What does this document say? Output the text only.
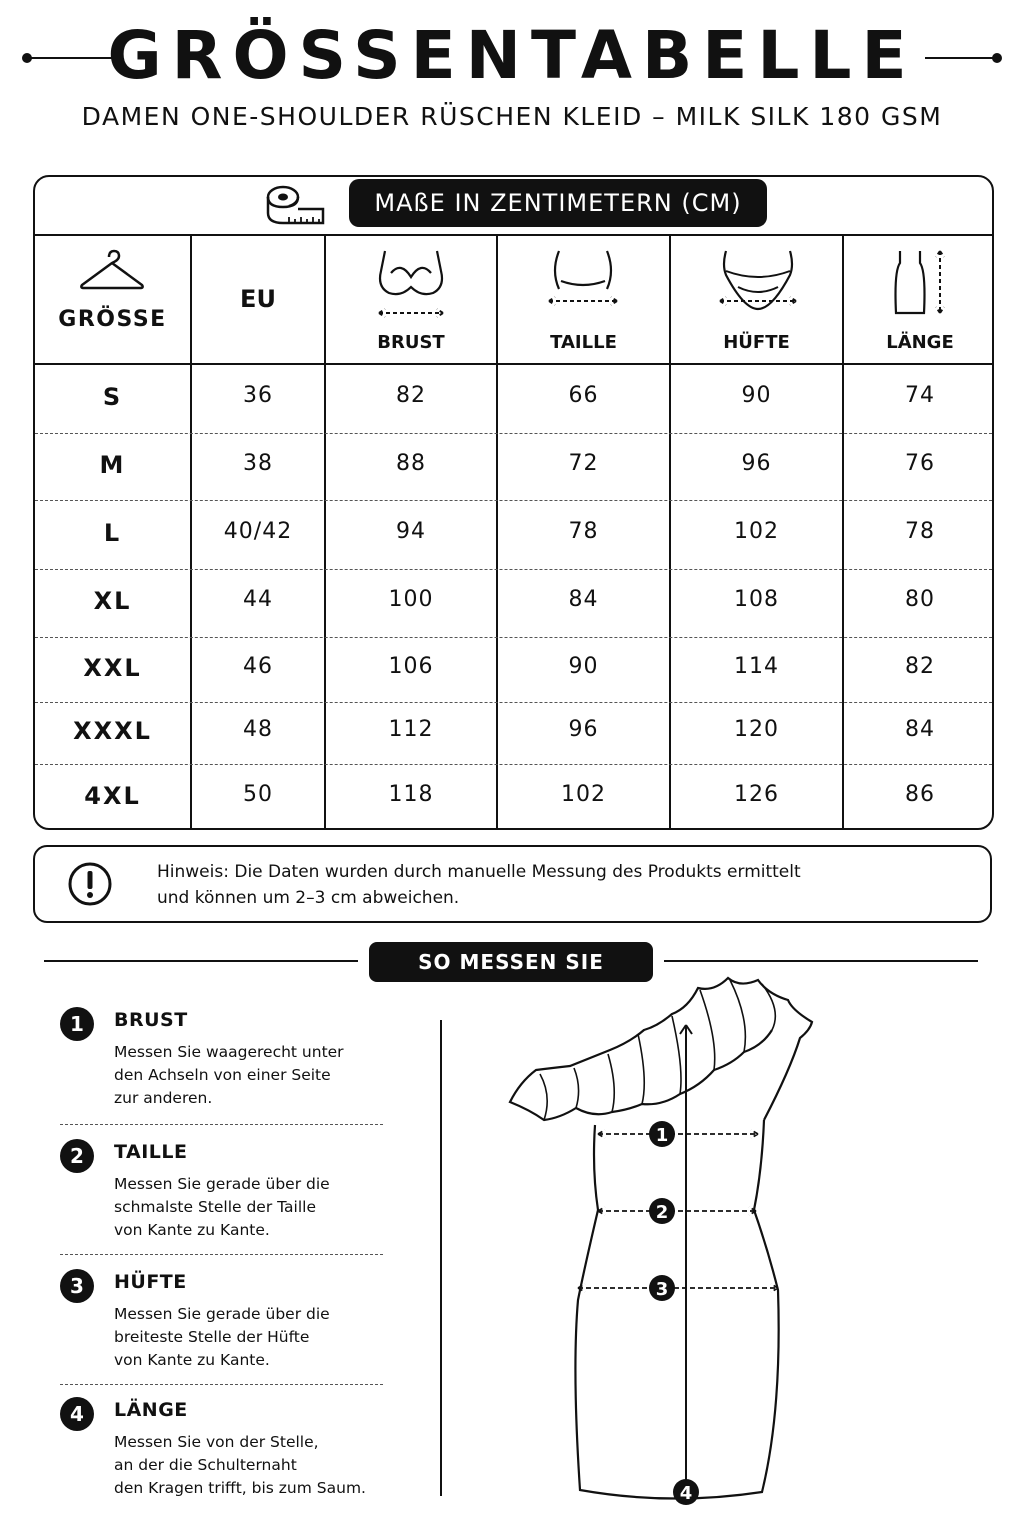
GRÖSSENTABELLE
DAMEN ONE-SHOULDER RÜSCHEN KLEID – MILK SILK 180 GSM
MAßE IN ZENTIMETERN (CM)
GRÖSSE
EU
BRUST	TAILLE	HÜFTE	LÄNGE
S	36	82	66	90	74
M	38	88	72	96	76
L	40/42	94	78	102	78
XL	44	100	84	108	80
XXL	46	106	90	114	82
XXXL	48	112	96	120	84
4XL	50	118	102	126	86
Hinweis: Die Daten wurden durch manuelle Messung des Produkts ermittelt
und können um 2–3 cm abweichen.
SO MESSEN SIE RICHTIG
1	BRUST
Messen Sie waagerecht unter
den Achseln von einer Seite
zur anderen.
2	TAILLE
Messen Sie gerade über die
schmalste Stelle der Taille
von Kante zu Kante.
3	HÜFTE
Messen Sie gerade über die
breiteste Stelle der Hüfte
von Kante zu Kante.
4	LÄNGE
Messen Sie von der Stelle,
an der die Schulternaht
den Kragen trifft, bis zum Saum.
1
2
3
4
